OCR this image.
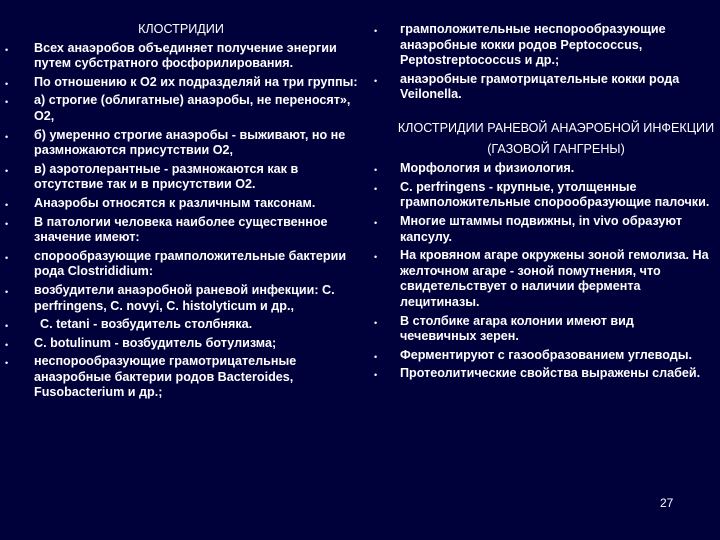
КЛОСТРИДИИ

• Всех анаэробов объединяет получение энергии путем субстратного фосфорилирования.
• По отношению к О2 их подразделяй на три группы:
• а) строгие (облигатные) анаэробы, не переносят», О2,
• б) умеренно строгие анаэробы - выживают, но не размножаются присутствии О2,
• в) аэротолерантные - размножаются как в отсутствие так и в присутствии О2.
• Анаэробы относятся к различным таксонам.
• В патологии человека наиболее существенное значение имеют:
• спорообразующие грамположительные бактерии рода Clostrididium:
• возбудители анаэробной раневой инфекции: C. perfringens, C. novyi, C. histolyticum и др.,
•	C. tetani - возбудитель столбняка.
• C. botulinum - возбудитель ботулизма;
• неспорообразующие грамотрицательные анаэробные бактерии родов Bacteroides, Fusobacterium и др.;
• грамположительные неспорообразующие анаэробные кокки родов Peptococcus, Peptostreptococcus и др.;
• анаэробные грамотрицательные кокки рода Veilonella.

КЛОСТРИДИИ РАНЕВОЙ АНАЭРОБНОЙ ИНФЕКЦИИ

(ГАЗОВОЙ ГАНГРЕНЫ)

• Морфология и физиология.
• C. perfringens - крупные, утолщенные грамположительные спорообразующие палочки.
• Многие штаммы подвижны, in vivo образуют капсулу.
• На кровяном агаре окружены зоной гемолиза. На желточном агаре - зоной помутнения, что свидетельствует о наличии фермента лецитиназы.
• В столбике агара колонии имеют вид чечевичных зерен.
• Ферментируют с газообразованием углеводы.
• Протеолитические свойства выражены слабей.
27
